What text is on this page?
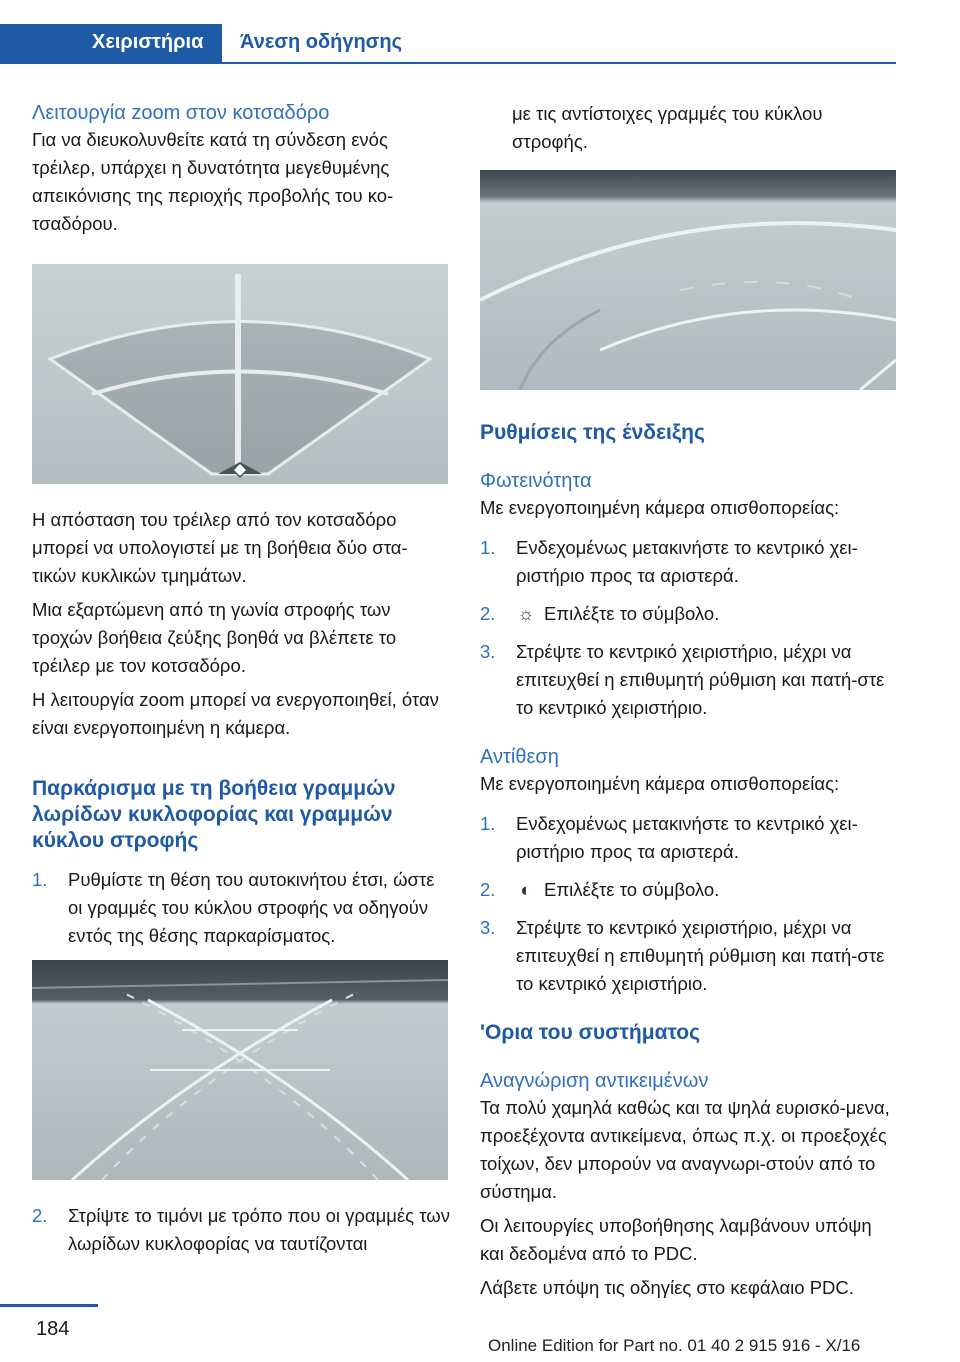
Χειριστήρια	Άνεση οδήγησης
Λειτουργία zoom στον κοτσαδόρο
Για να διευκολυνθείτε κατά τη σύνδεση ενός τρέιλερ, υπάρχει η δυνατότητα μεγεθυμένης απεικόνισης της περιοχής προβολής του κο-τσαδόρου.
Η απόσταση του τρέιλερ από τον κοτσαδόρο μπορεί να υπολογιστεί με τη βοήθεια δύο στα-τικών κυκλικών τμημάτων.
Μια εξαρτώμενη από τη γωνία στροφής των τροχών βοήθεια ζεύξης βοηθά να βλέπετε το τρέιλερ με τον κοτσαδόρο.
Η λειτουργία zoom μπορεί να ενεργοποιηθεί, όταν είναι ενεργοποιημένη η κάμερα.
Παρκάρισμα με τη βοήθεια γραμμών λωρίδων κυκλοφορίας και γραμμών κύκλου στροφής
1. Ρυθμίστε τη θέση του αυτοκινήτου έτσι, ώστε οι γραμμές του κύκλου στροφής να οδηγούν εντός της θέσης παρκαρίσματος.
2. Στρίψτε το τιμόνι με τρόπο που οι γραμμές των λωρίδων κυκλοφορίας να ταυτίζονται
με τις αντίστοιχες γραμμές του κύκλου στροφής.
Ρυθμίσεις της ένδειξης
Φωτεινότητα
Με ενεργοποιημένη κάμερα οπισθοπορείας:
1. Ενδεχομένως μετακινήστε το κεντρικό χει-ριστήριο προς τα αριστερά.
2. ☼ Επιλέξτε το σύμβολο.
3. Στρέψτε το κεντρικό χειριστήριο, μέχρι να επιτευχθεί η επιθυμητή ρύθμιση και πατή-στε το κεντρικό χειριστήριο.
Αντίθεση
Με ενεργοποιημένη κάμερα οπισθοπορείας:
1. Ενδεχομένως μετακινήστε το κεντρικό χει-ριστήριο προς τα αριστερά.
2. ◐ Επιλέξτε το σύμβολο.
3. Στρέψτε το κεντρικό χειριστήριο, μέχρι να επιτευχθεί η επιθυμητή ρύθμιση και πατή-στε το κεντρικό χειριστήριο.
'Ορια του συστήματος
Αναγνώριση αντικειμένων
Τα πολύ χαμηλά καθώς και τα ψηλά ευρισκό-μενα, προεξέχοντα αντικείμενα, όπως π.χ. οι προεξοχές τοίχων, δεν μπορούν να αναγνωρι-στούν από το σύστημα.
Οι λειτουργίες υποβοήθησης λαμβάνουν υπόψη και δεδομένα από το PDC.
Λάβετε υπόψη τις οδηγίες στο κεφάλαιο PDC.
184
Online Edition for Part no. 01 40 2 915 916 - X/16
